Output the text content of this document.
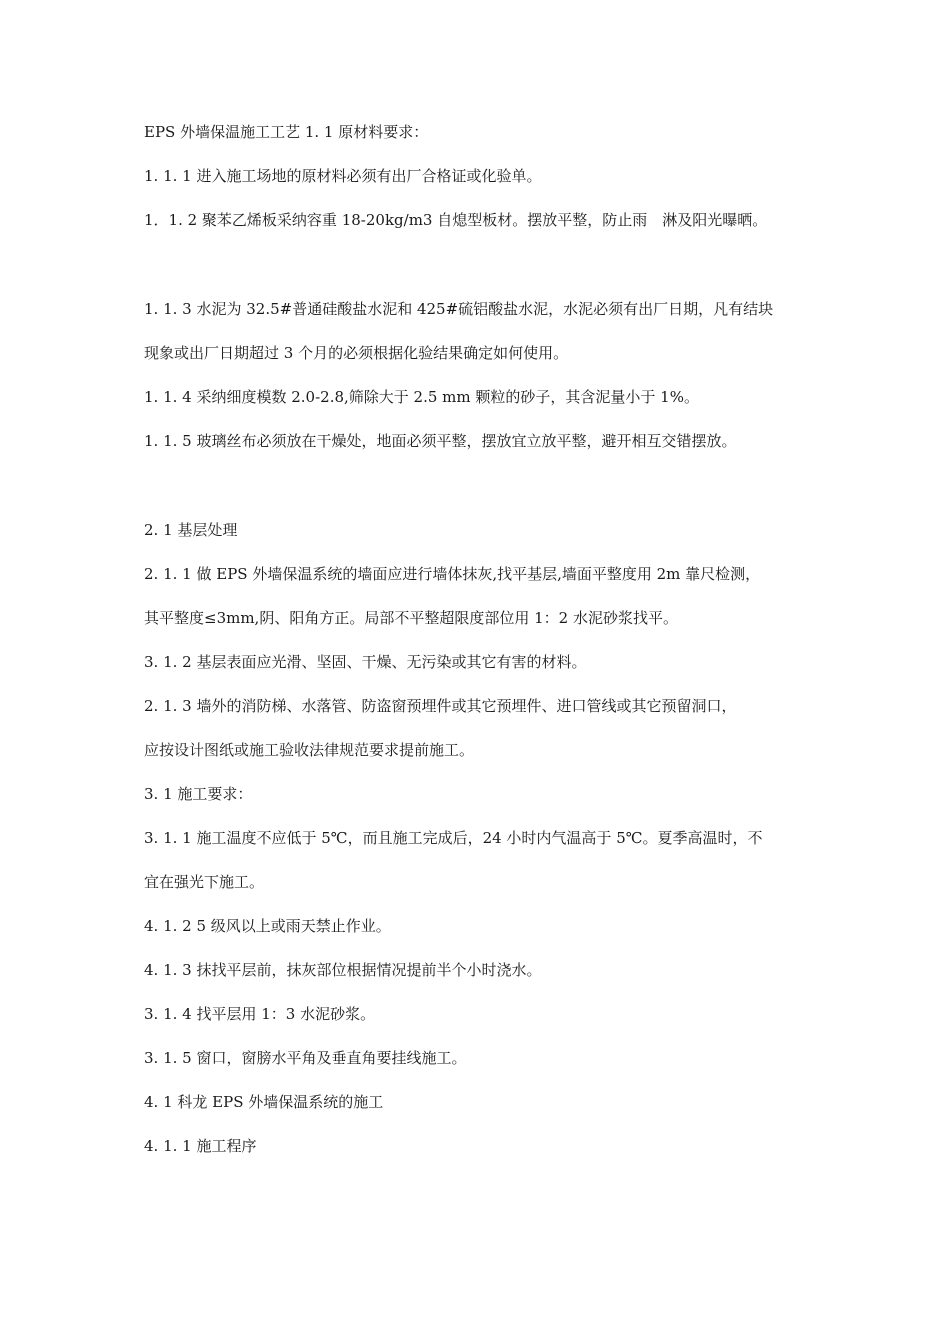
EPS 外墙保温施工工艺 1. 1 原材料要求：

1. 1. 1 进入施工场地的原材料必须有出厂合格证或化验单。

1．1. 2 聚苯乙烯板采纳容重 18-20kg/m3 自熄型板材。摆放平整，防止雨　淋及阳光曝晒。

1. 1. 3 水泥为 32.5#普通硅酸盐水泥和 425#硫铝酸盐水泥，水泥必须有出厂日期，凡有结块

现象或出厂日期超过 3 个月的必须根据化验结果确定如何使用。

1. 1. 4 采纳细度模数 2.0-2.8,筛除大于 2.5 mm 颗粒的砂子，其含泥量小于 1%。

1. 1. 5 玻璃丝布必须放在干燥处，地面必须平整，摆放宜立放平整，避开相互交错摆放。

2. 1 基层处理

2. 1. 1 做 EPS 外墙保温系统的墙面应进行墙体抹灰,找平基层,墙面平整度用 2m 靠尺检测，

其平整度≤3mm,阴、阳角方正。局部不平整超限度部位用 1：2 水泥砂浆找平。

3. 1. 2 基层表面应光滑、坚固、干燥、无污染或其它有害的材料。

2. 1. 3 墙外的消防梯、水落管、防盗窗预埋件或其它预埋件、进口管线或其它预留洞口，

应按设计图纸或施工验收法律规范要求提前施工。

3. 1 施工要求：

3. 1. 1 施工温度不应低于 5℃，而且施工完成后，24 小时内气温高于 5℃。夏季高温时，不

宜在强光下施工。

4. 1. 2 5 级风以上或雨天禁止作业。

4. 1. 3 抹找平层前，抹灰部位根据情况提前半个小时浇水。

3. 1. 4 找平层用 1：3 水泥砂浆。

3. 1. 5 窗口，窗膀水平角及垂直角要挂线施工。

4. 1 科龙 EPS 外墙保温系统的施工

4. 1. 1 施工程序
